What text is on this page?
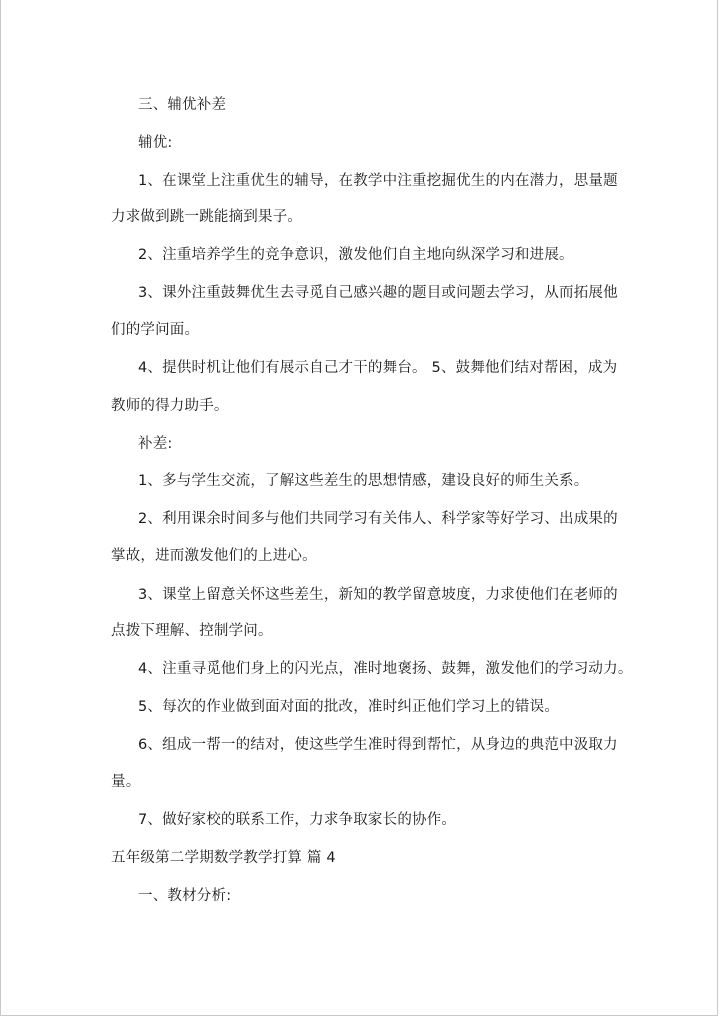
三、辅优补差
辅优:
1、在课堂上注重优生的辅导，在教学中注重挖掘优生的内在潜力，思量题
力求做到跳一跳能摘到果子。
2、注重培养学生的竞争意识，激发他们自主地向纵深学习和进展。
3、课外注重鼓舞优生去寻觅自己感兴趣的题目或问题去学习，从而拓展他
们的学问面。
4、提供时机让他们有展示自己才干的舞台。 5、鼓舞他们结对帮困，成为
教师的得力助手。
补差:
1、多与学生交流，了解这些差生的思想情感，建设良好的师生关系。
2、利用课余时间多与他们共同学习有关伟人、科学家等好学习、出成果的
掌故，进而激发他们的上进心。
3、课堂上留意关怀这些差生，新知的教学留意坡度，力求使他们在老师的
点拨下理解、控制学问。
4、注重寻觅他们身上的闪光点，准时地褒扬、鼓舞，激发他们的学习动力。
5、每次的作业做到面对面的批改，准时纠正他们学习上的错误。
6、组成一帮一的结对，使这些学生准时得到帮忙，从身边的典范中汲取力
量。
7、做好家校的联系工作，力求争取家长的协作。
五年级第二学期数学教学打算 篇 4
一、教材分析:
